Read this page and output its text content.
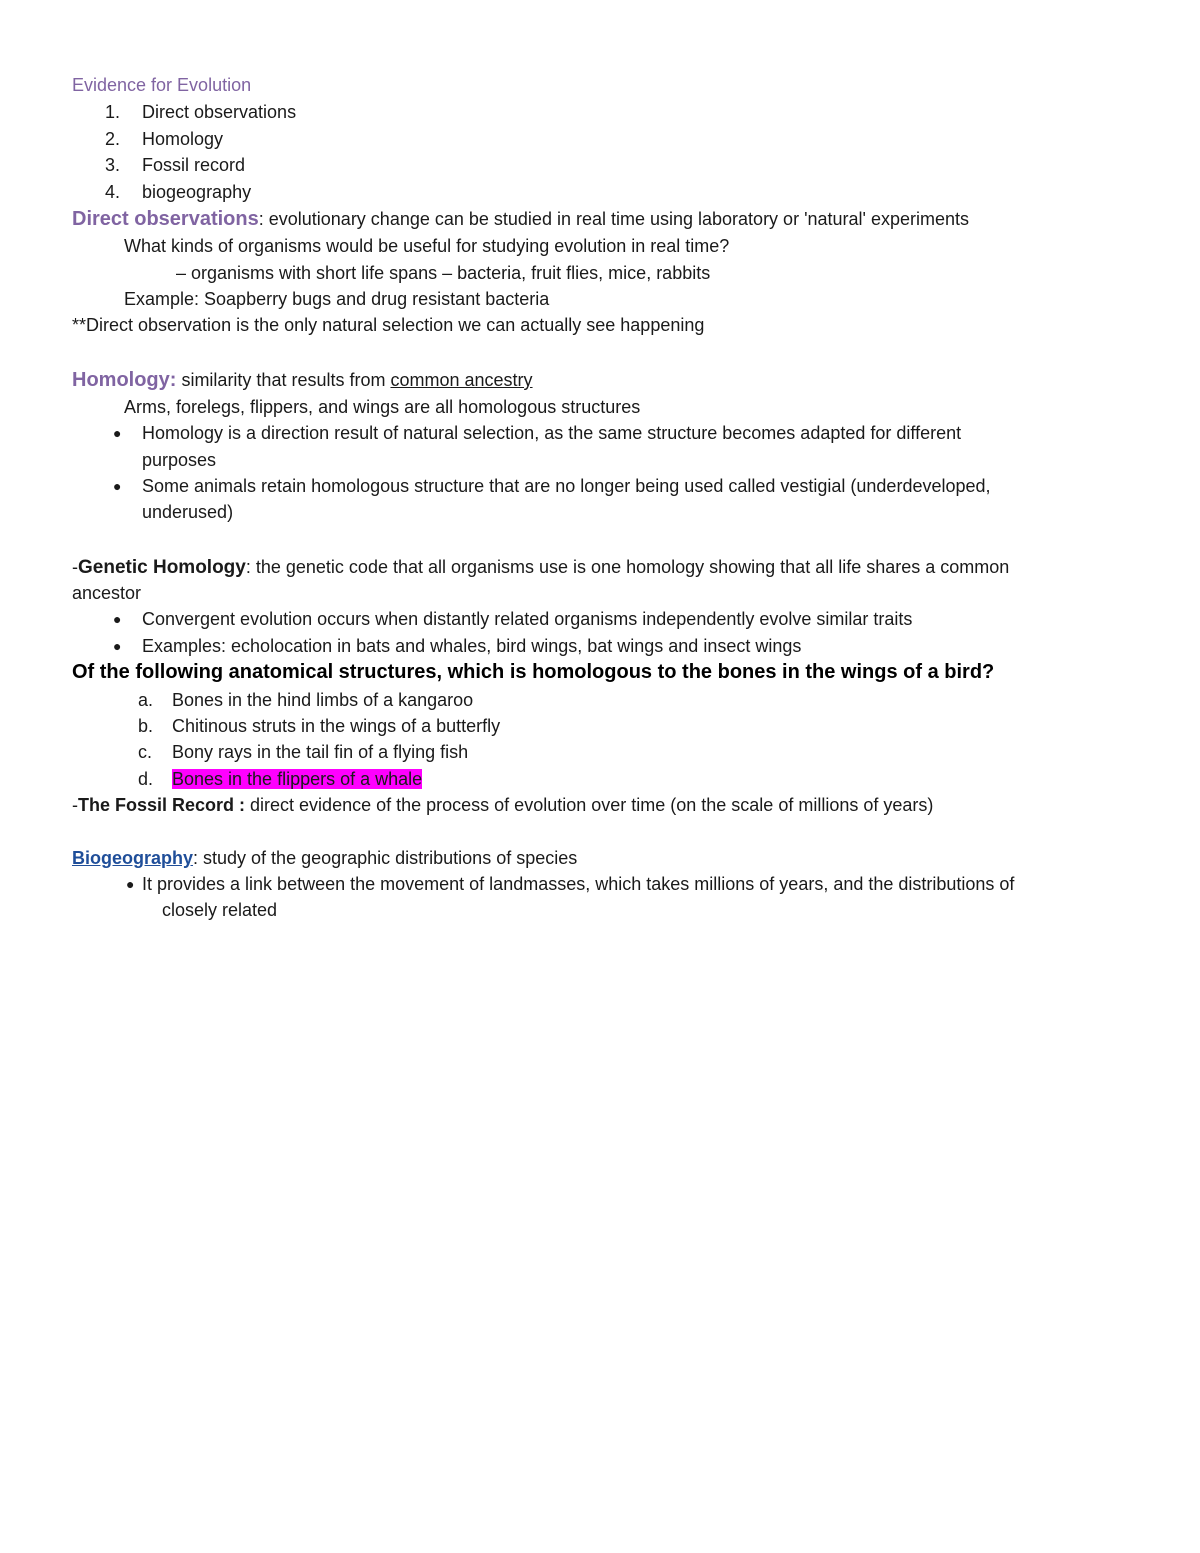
Evidence for Evolution
1. Direct observations
2. Homology
3. Fossil record
4. biogeography
Direct observations: evolutionary change can be studied in real time using laboratory or 'natural' experiments
What kinds of organisms would be useful for studying evolution in real time?
– organisms with short life spans – bacteria, fruit flies, mice, rabbits
Example: Soapberry bugs and drug resistant bacteria
**Direct observation is the only natural selection we can actually see happening
Homology: similarity that results from common ancestry
Arms, forelegs, flippers, and wings are all homologous structures
● Homology is a direction result of natural selection, as the same structure becomes adapted for different
purposes
● Some animals retain homologous structure that are no longer being used called vestigial (underdeveloped,
underused)
-Genetic Homology: the genetic code that all organisms use is one homology showing that all life shares a common
ancestor
● Convergent evolution occurs when distantly related organisms independently evolve similar traits
● Examples: echolocation in bats and whales, bird wings, bat wings and insect wings
Of the following anatomical structures, which is homologous to the bones in the wings of a bird?
a. Bones in the hind limbs of a kangaroo
b. Chitinous struts in the wings of a butterfly
c. Bony rays in the tail fin of a flying fish
d. Bones in the flippers of a whale
-The Fossil Record : direct evidence of the process of evolution over time (on the scale of millions of years)
Biogeography: study of the geographic distributions of species
● It provides a link between the movement of landmasses, which takes millions of years, and the distributions of
closely related
